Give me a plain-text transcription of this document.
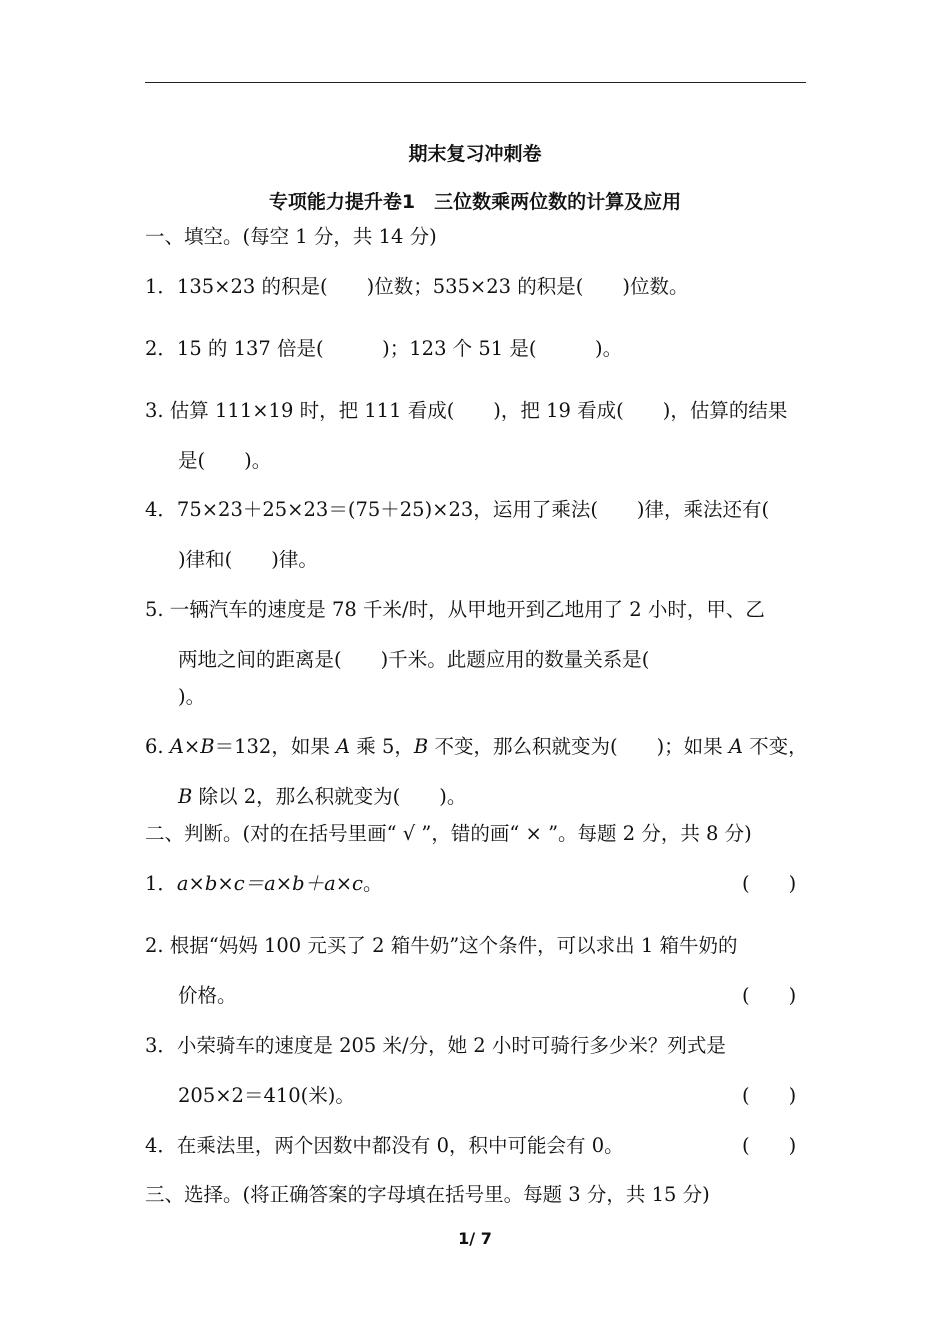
期末复习冲刺卷
专项能力提升卷1　三位数乘两位数的计算及应用
一、填空。(每空 1 分，共 14 分)
1．135×23 的积是(　　)位数；535×23 的积是(　　)位数。
2．15 的 137 倍是(　　　)；123 个 51 是(　　　)。
3. 估算 111×19 时，把 111 看成(　　)，把 19 看成(　　)，估算的结果
是(　　)。
4．75×23＋25×23＝(75＋25)×23，运用了乘法(　　)律，乘法还有(
)律和(　　)律。
5. 一辆汽车的速度是 78 千米/时，从甲地开到乙地用了 2 小时，甲、乙
两地之间的距离是(　　)千米。此题应用的数量关系是(
)。
6. A×B＝132，如果 A 乘 5，B 不变，那么积就变为(　　)；如果 A 不变，
B 除以 2，那么积就变为(　　)。
二、判断。(对的在括号里画“ √ ”，错的画“ × ”。每题 2 分，共 8 分)
1．a×b×c＝a×b＋a×c。	(　　)
2. 根据“妈妈 100 元买了 2 箱牛奶”这个条件，可以求出 1 箱牛奶的
价格。	(　　)
3．小荣骑车的速度是 205 米/分，她 2 小时可骑行多少米？列式是
205×2＝410(米)。	(　　)
4．在乘法里，两个因数中都没有 0，积中可能会有 0。	(　　)
三、选择。(将正确答案的字母填在括号里。每题 3 分，共 15 分)
1/ 7
